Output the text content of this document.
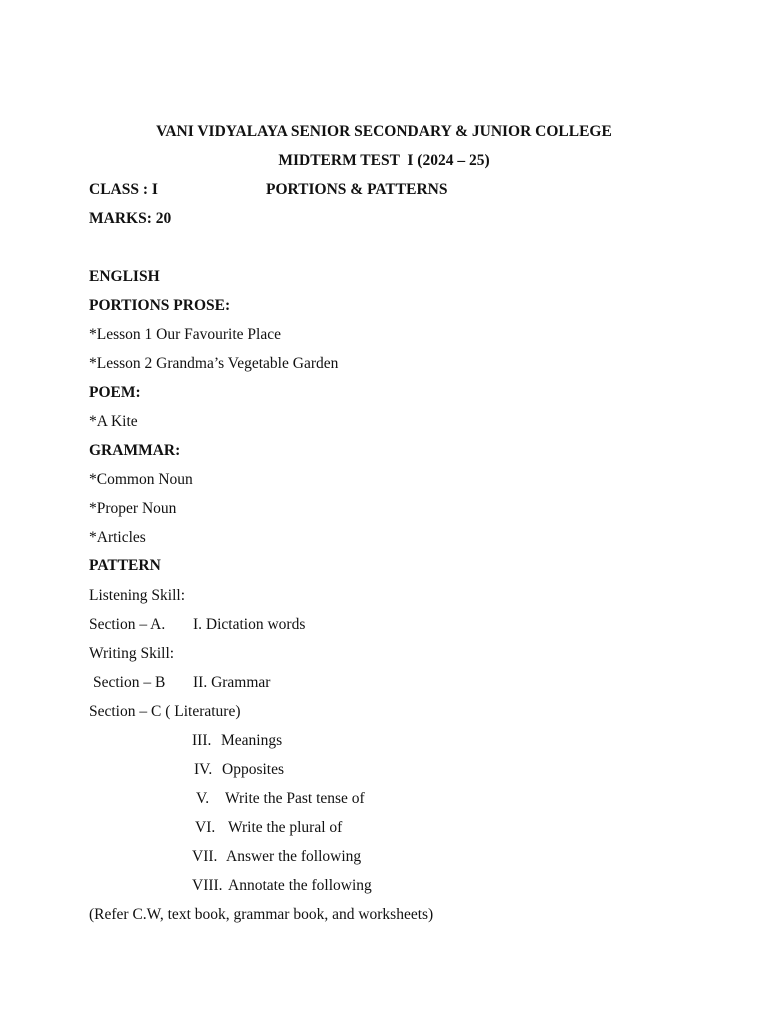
VANI VIDYALAYA SENIOR SECONDARY & JUNIOR COLLEGE
MIDTERM TEST  I (2024 – 25)
CLASS : I	PORTIONS & PATTERNS
MARKS: 20
ENGLISH
PORTIONS PROSE:
*Lesson 1 Our Favourite Place
*Lesson 2 Grandma’s Vegetable Garden
POEM:
*A Kite
GRAMMAR:
*Common Noun
*Proper Noun
*Articles
PATTERN
Listening Skill:
Section – A. I. Dictation words
Writing Skill:
Section – B II. Grammar
Section – C ( Literature)
III. Meanings
IV. Opposites
V. Write the Past tense of
VI. Write the plural of
VII. Answer the following
VIII. Annotate the following
(Refer C.W, text book, grammar book, and worksheets)
